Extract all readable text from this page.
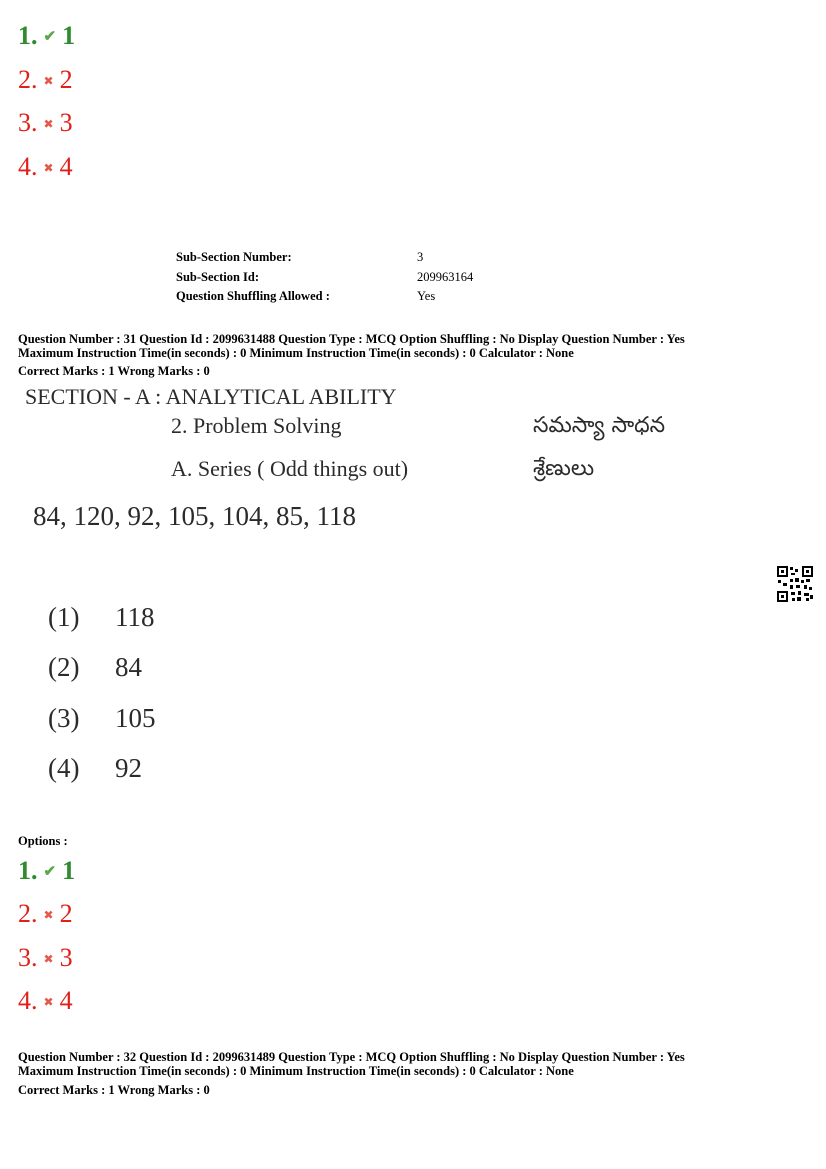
1. ✔ 1
2. ✖ 2
3. ✖ 3
4. ✖ 4
Sub-Section Number:	3
Sub-Section Id:	209963164
Question Shuffling Allowed :	Yes
Question Number : 31 Question Id : 2099631488 Question Type : MCQ Option Shuffling : No Display Question Number : Yes
Maximum Instruction Time(in seconds) : 0 Minimum Instruction Time(in seconds) : 0 Calculator : None
Correct Marks : 1 Wrong Marks : 0
SECTION - A : ANALYTICAL ABILITY
2. Problem Solving	సమస్యా సాధన
A. Series ( Odd things out)	శ్రేణులు
84, 120, 92, 105, 104, 85, 118
(1) 118
(2) 84
(3) 105
(4) 92
Options :
1. ✔ 1
2. ✖ 2
3. ✖ 3
4. ✖ 4
Question Number : 32 Question Id : 2099631489 Question Type : MCQ Option Shuffling : No Display Question Number : Yes
Maximum Instruction Time(in seconds) : 0 Minimum Instruction Time(in seconds) : 0 Calculator : None
Correct Marks : 1 Wrong Marks : 0
